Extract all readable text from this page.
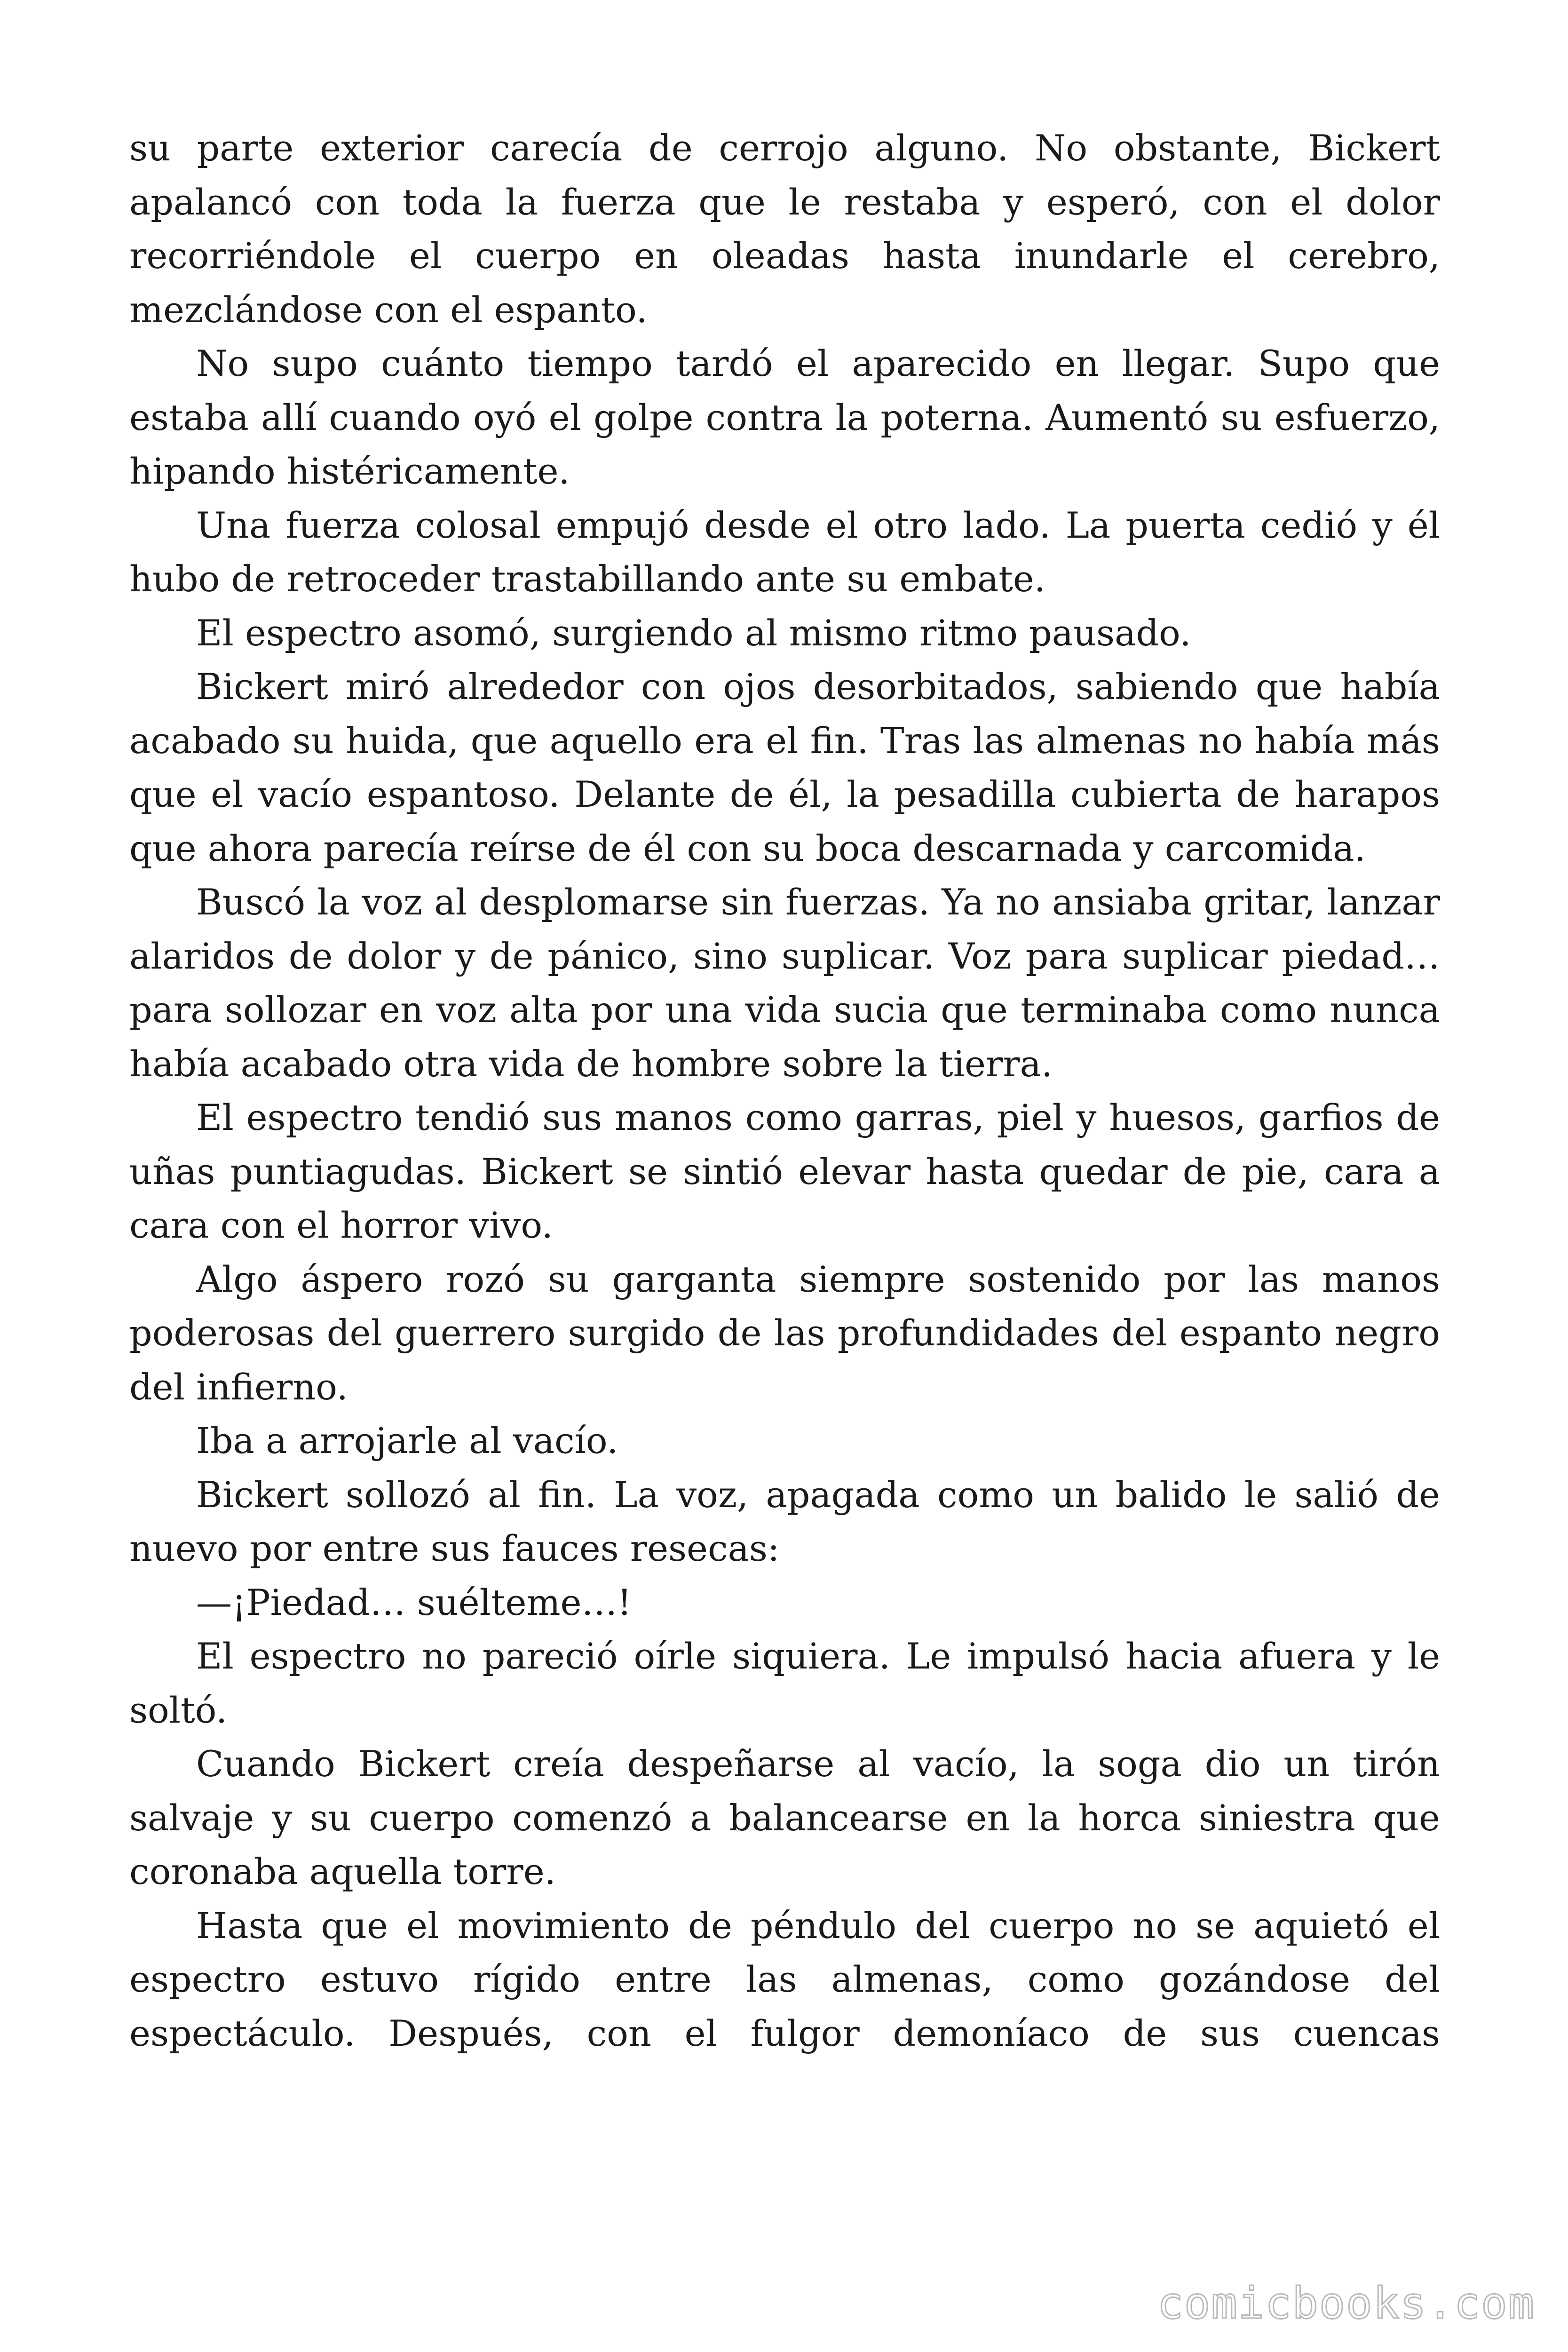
su parte exterior carecía de cerrojo alguno. No obstante, Bickert apalancó con toda la fuerza que le restaba y esperó, con el dolor recorriéndole el cuerpo en oleadas hasta inundarle el cerebro, mezclándose con el espanto.

No supo cuánto tiempo tardó el aparecido en llegar. Supo que estaba allí cuando oyó el golpe contra la poterna. Aumentó su esfuerzo, hipando histéricamente.

Una fuerza colosal empujó desde el otro lado. La puerta cedió y él hubo de retroceder trastabillando ante su embate.

El espectro asomó, surgiendo al mismo ritmo pausado.

Bickert miró alrededor con ojos desorbitados, sabiendo que había acabado su huida, que aquello era el fin. Tras las almenas no había más que el vacío espantoso. Delante de él, la pesadilla cubierta de harapos que ahora parecía reírse de él con su boca descarnada y carcomida.

Buscó la voz al desplomarse sin fuerzas. Ya no ansiaba gritar, lanzar alaridos de dolor y de pánico, sino suplicar. Voz para suplicar piedad… para sollozar en voz alta por una vida sucia que terminaba como nunca había acabado otra vida de hombre sobre la tierra.

El espectro tendió sus manos como garras, piel y huesos, garfios de uñas puntiagudas. Bickert se sintió elevar hasta quedar de pie, cara a cara con el horror vivo.

Algo áspero rozó su garganta siempre sostenido por las manos poderosas del guerrero surgido de las profundidades del espanto negro del infierno.

Iba a arrojarle al vacío.

Bickert sollozó al fin. La voz, apagada como un balido le salió de nuevo por entre sus fauces resecas:

—¡Piedad… suélteme…!

El espectro no pareció oírle siquiera. Le impulsó hacia afuera y le soltó.

Cuando Bickert creía despeñarse al vacío, la soga dio un tirón salvaje y su cuerpo comenzó a balancearse en la horca siniestra que coronaba aquella torre.

Hasta que el movimiento de péndulo del cuerpo no se aquietó el espectro estuvo rígido entre las almenas, como gozándose del espectáculo. Después, con el fulgor demoníaco de sus cuencas

comicbooks.com
